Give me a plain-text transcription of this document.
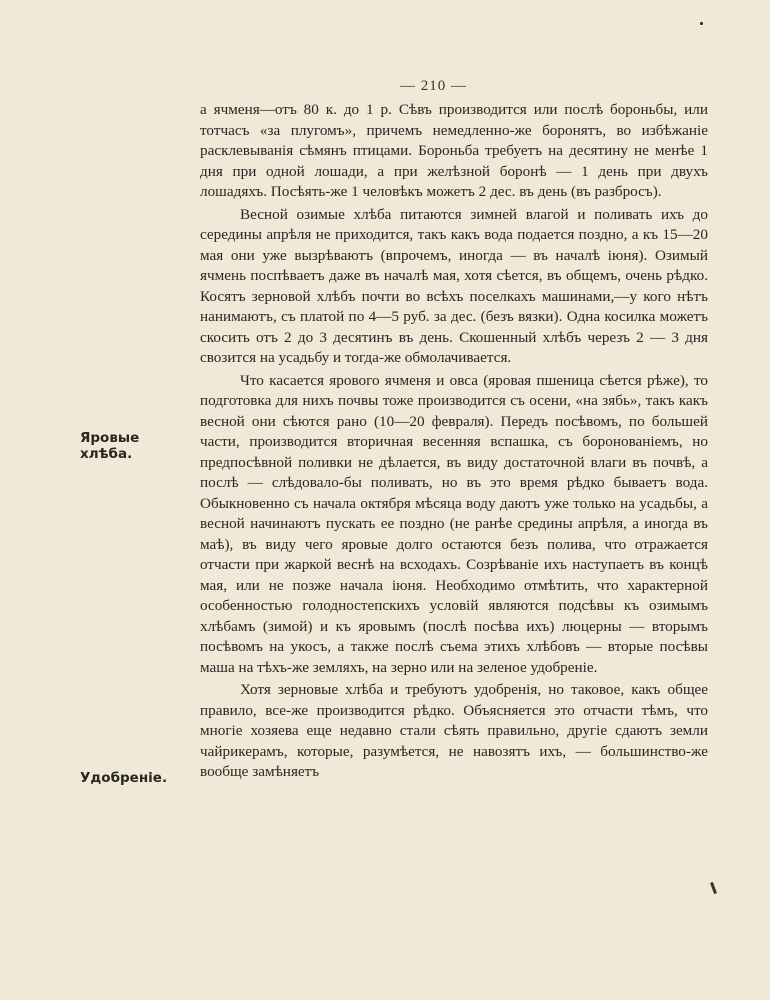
— 210 —
Яровые хлѣба.
Удобреніе.

а ячменя—отъ 80 к. до 1 р. Сѣвъ производится или послѣ бороньбы, или тотчасъ «за плугомъ», причемъ немедленно-же боронятъ, во избѣжаніе расклевыванія сѣмянъ птицами. Бороньба требуетъ на десятину не менѣе 1 дня при одной лошади, а при желѣзной боронѣ — 1 день при двухъ лошадяхъ. Посѣять-же 1 человѣкъ можетъ 2 дес. въ день (въ разбросъ).

Весной озимые хлѣба питаются зимней влагой и поливать ихъ до середины апрѣля не приходится, такъ какъ вода подается поздно, а къ 15—20 мая они уже вызрѣваютъ (впрочемъ, иногда — въ началѣ іюня). Озимый ячмень поспѣваетъ даже въ началѣ мая, хотя сѣется, въ общемъ, очень рѣдко. Косятъ зерновой хлѣбъ почти во всѣхъ поселкахъ машинами,—у кого нѣтъ нанимаютъ, съ платой по 4—5 руб. за дес. (безъ вязки). Одна косилка можетъ скосить отъ 2 до 3 десятинъ въ день. Скошенный хлѣбъ черезъ 2 — 3 дня свозится на усадьбу и тогда-же обмолачивается.

Что касается ярового ячменя и овса (яровая пшеница сѣется рѣже), то подготовка для нихъ почвы тоже производится съ осени, «на зябь», такъ какъ весной они сѣются рано (10—20 февраля). Передъ посѣвомъ, по большей части, производится вторичная весенняя вспашка, съ боронованіемъ, но предпосѣвной поливки не дѣлается, въ виду достаточной влаги въ почвѣ, а послѣ — слѣдовало-бы поливать, но въ это время рѣдко бываетъ вода. Обыкновенно съ начала октября мѣсяца воду даютъ уже только на усадьбы, а весной начинаютъ пускать ее поздно (не ранѣе средины апрѣля, а иногда въ маѣ), въ виду чего яровые долго остаются безъ полива, что отражается отчасти при жаркой веснѣ на всходахъ. Созрѣваніе ихъ наступаетъ въ концѣ мая, или не позже начала іюня. Необходимо отмѣтить, что характерной особенностью голодностепскихъ условій являются подсѣвы къ озимымъ хлѣбамъ (зимой) и къ яровымъ (послѣ посѣва ихъ) люцерны — вторымъ посѣвомъ на укосъ, а также послѣ съема этихъ хлѣбовъ — вторые посѣвы маша на тѣхъ-же земляхъ, на зерно или на зеленое удобреніе.

Хотя зерновые хлѣба и требуютъ удобренія, но таковое, какъ общее правило, все-же производится рѣдко. Объясняется это отчасти тѣмъ, что многіе хозяева еще недавно стали сѣять правильно, другіе сдаютъ земли чайрикерамъ, которые, разумѣется, не навозятъ ихъ, — большинство-же вообще замѣняетъ
